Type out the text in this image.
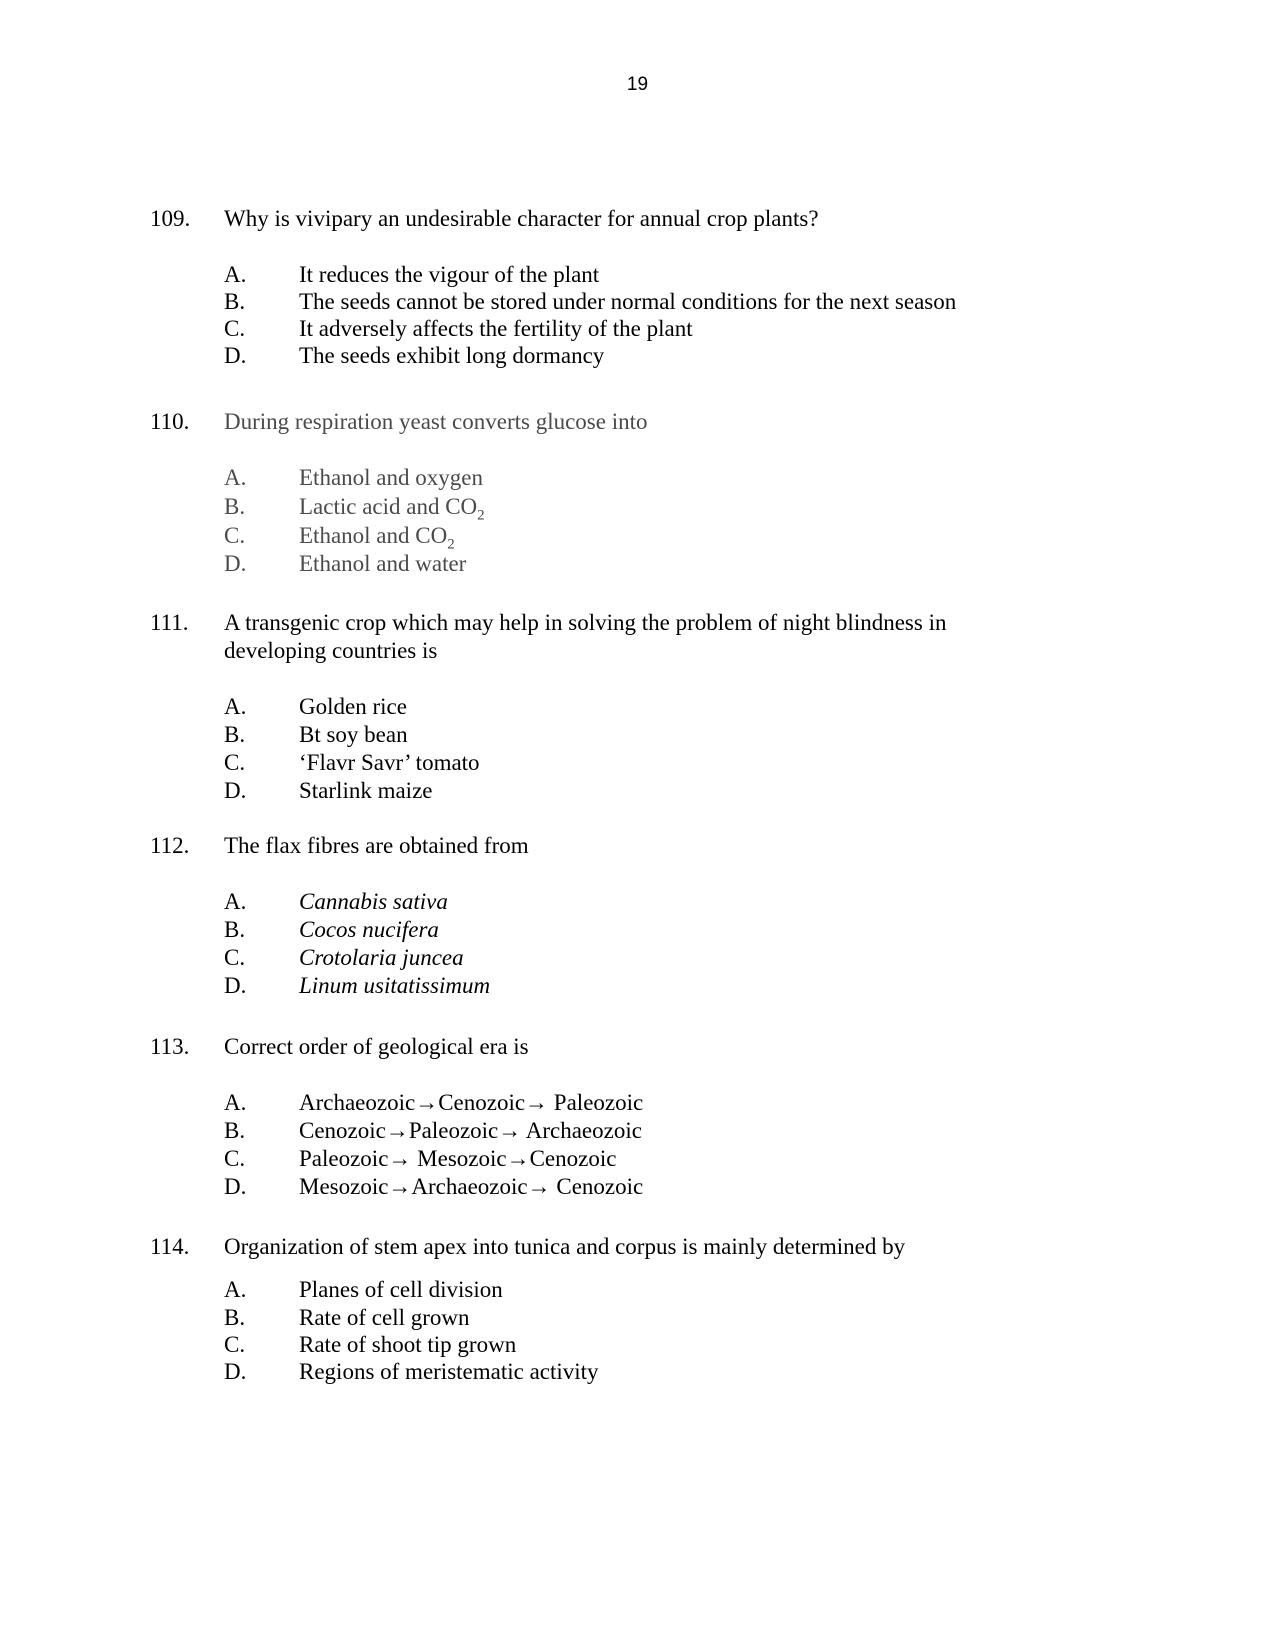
19
109. Why is vivipary an undesirable character for annual crop plants?
A. It reduces the vigour of the plant
B. The seeds cannot be stored under normal conditions for the next season
C. It adversely affects the fertility of the plant
D. The seeds exhibit long dormancy
110. During respiration yeast converts glucose into
A. Ethanol and oxygen
B. Lactic acid and $CO_2$
C. Ethanol and $CO_2$
D. Ethanol and water
111. A transgenic crop which may help in solving the problem of night blindness in
developing countries is
A. Golden rice
B. Bt soy bean
C. ‘Flavr Savr’ tomato
D. Starlink maize
112. The flax fibres are obtained from
A. Cannabis sativa
B. Cocos nucifera
C. Crotolaria juncea
D. Linum usitatissimum
113. Correct order of geological era is
A. Archaeozoic→Cenozoic→ Paleozoic
B. Cenozoic→Paleozoic→ Archaeozoic
C. Paleozoic→ Mesozoic→Cenozoic
D. Mesozoic→Archaeozoic→ Cenozoic
114. Organization of stem apex into tunica and corpus is mainly determined by
A. Planes of cell division
B. Rate of cell grown
C. Rate of shoot tip grown
D. Regions of meristematic activity
